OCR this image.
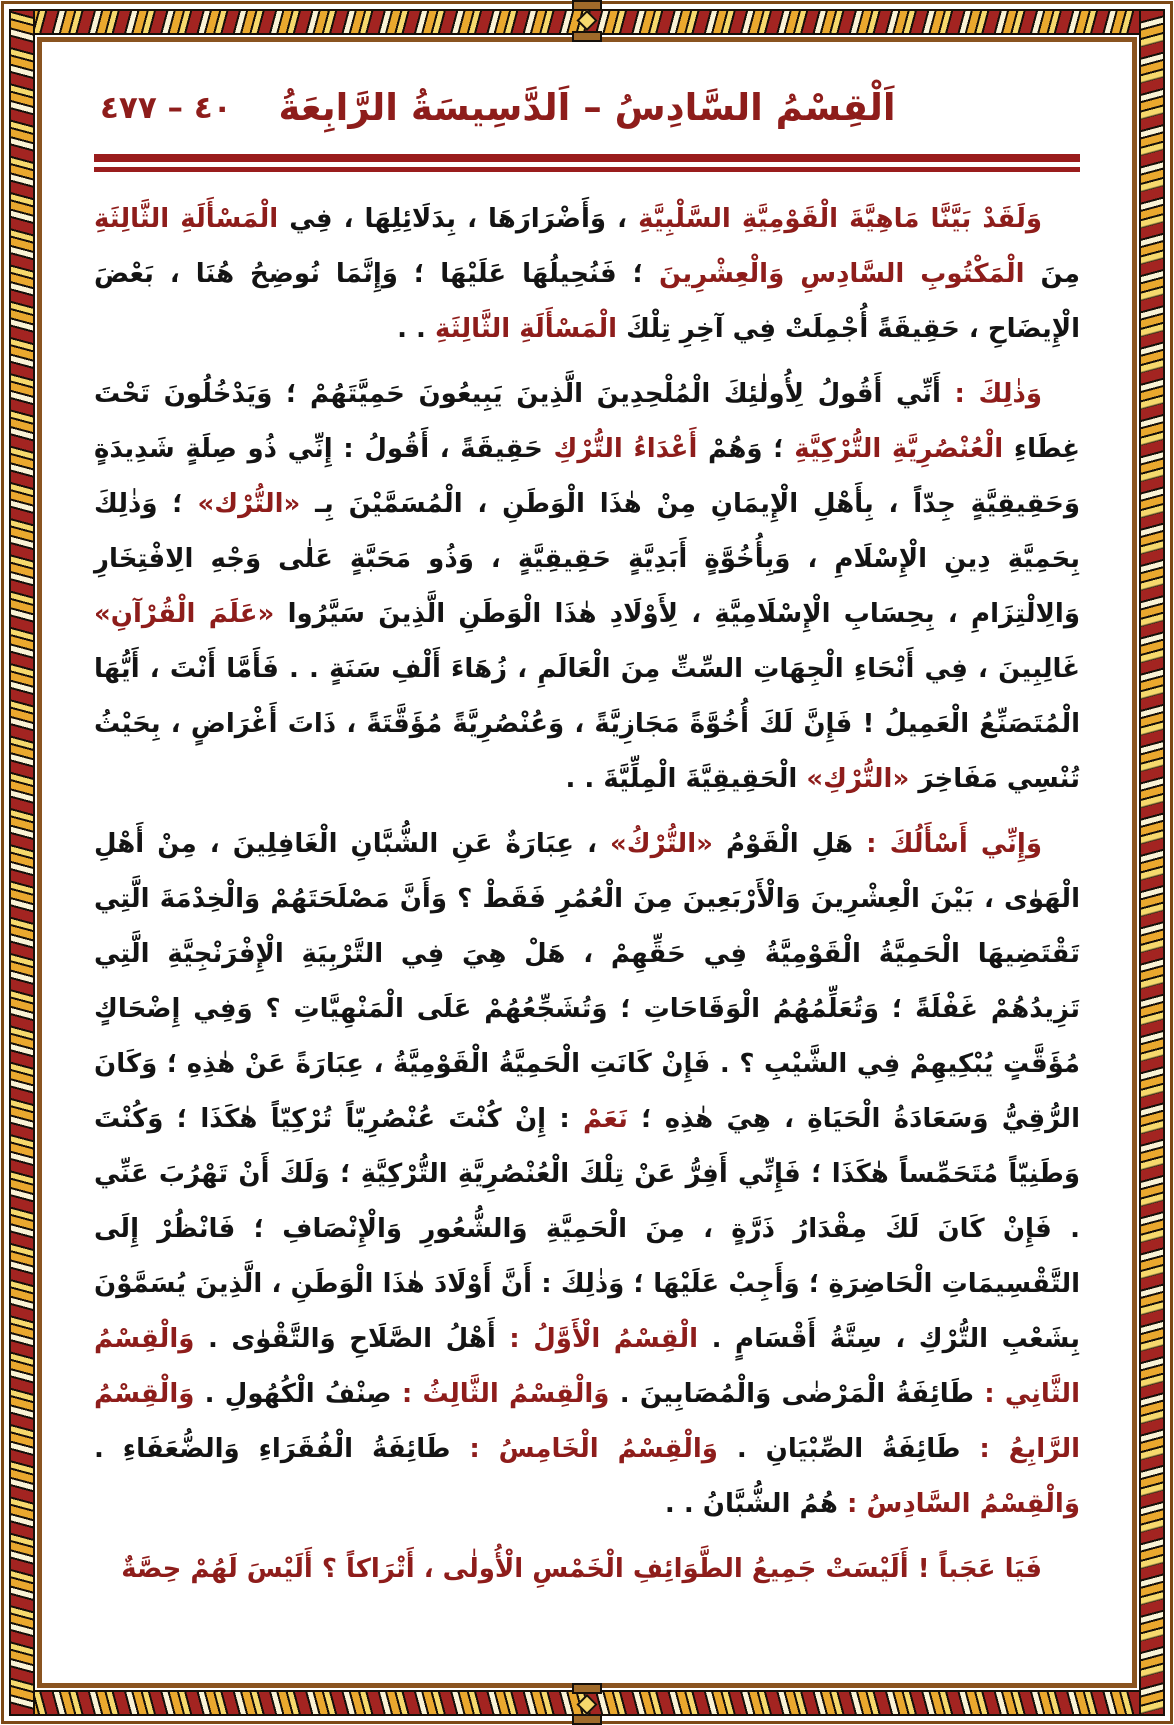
٤٠ – ٤٧٧	اَلْقِسْمُ السَّادِسُ – اَلدَّسِيسَةُ الرَّابِعَةُ

وَلَقَدْ بَيَّنَّا مَاهِيَّةَ الْقَوْمِيَّةِ السَّلْبِيَّةِ ، وَأَضْرَارَهَا ، بِدَلَائِلِهَا ، فِي الْمَسْأَلَةِ الثَّالِثَةِ مِنَ الْمَكْتُوبِ السَّادِسِ وَالْعِشْرِينَ ؛ فَنُحِيلُهَا عَلَيْهَا ؛ وَإِنَّمَا نُوضِحُ هُنَا ، بَعْضَ الْإِيضَاحِ ، حَقِيقَةً أُجْمِلَتْ فِي آخِرِ تِلْكَ الْمَسْأَلَةِ الثَّالِثَةِ . .

وَذٰلِكَ : أَنِّي أَقُولُ لِأُولٰئِكَ الْمُلْحِدِينَ الَّذِينَ يَبِيعُونَ حَمِيَّتَهُمْ ؛ وَيَدْخُلُونَ تَحْتَ غِطَاءِ الْعُنْصُرِيَّةِ التُّرْكِيَّةِ ؛ وَهُمْ أَعْدَاءُ التُّرْكِ حَقِيقَةً ، أَقُولُ : إِنِّي ذُو صِلَةٍ شَدِيدَةٍ وَحَقِيقِيَّةٍ جِدّاً ، بِأَهْلِ الْإِيمَانِ مِنْ هٰذَا الْوَطَنِ ، الْمُسَمَّيْنَ بِـ «التُّرْك» ؛ وَذٰلِكَ بِحَمِيَّةِ دِينِ الْإِسْلَامِ ، وَبِأُخُوَّةٍ أَبَدِيَّةٍ حَقِيقِيَّةٍ ، وَذُو مَحَبَّةٍ عَلٰى وَجْهِ الِافْتِخَارِ وَالِالْتِزَامِ ، بِحِسَابِ الْإِسْلَامِيَّةِ ، لِأَوْلَادِ هٰذَا الْوَطَنِ الَّذِينَ سَيَّرُوا «عَلَمَ الْقُرْآنِ» غَالِبِينَ ، فِي أَنْحَاءِ الْجِهَاتِ السِّتِّ مِنَ الْعَالَمِ ، زُهَاءَ أَلْفِ سَنَةٍ . . فَأَمَّا أَنْتَ ، أَيُّهَا الْمُتَصَنِّعُ الْعَمِيلُ ! فَإِنَّ لَكَ أُخُوَّةً مَجَازِيَّةً ، وَعُنْصُرِيَّةً مُؤَقَّتَةً ، ذَاتَ أَغْرَاضٍ ، بِحَيْثُ تُنْسِي مَفَاخِرَ «التُّرْكِ» الْحَقِيقِيَّةَ الْمِلِّيَّةَ . .

وَإِنِّي أَسْأَلُكَ : هَلِ الْقَوْمُ «التُّرْكُ» ، عِبَارَةٌ عَنِ الشُّبَّانِ الْغَافِلِينَ ، مِنْ أَهْلِ الْهَوٰى ، بَيْنَ الْعِشْرِينَ وَالْأَرْبَعِينَ مِنَ الْعُمُرِ فَقَطْ ؟ وَأَنَّ مَصْلَحَتَهُمْ وَالْخِدْمَةَ الَّتِي تَقْتَضِيهَا الْحَمِيَّةُ الْقَوْمِيَّةُ فِي حَقِّهِمْ ، هَلْ هِيَ فِي التَّرْبِيَةِ الْإِفْرَنْجِيَّةِ الَّتِي تَزِيدُهُمْ غَفْلَةً ؛ وَتُعَلِّمُهُمُ الْوَقَاحَاتِ ؛ وَتُشَجِّعُهُمْ عَلَى الْمَنْهِيَّاتِ ؟ وَفِي إِضْحَاكٍ مُؤَقَّتٍ يُبْكِيهِمْ فِي الشَّيْبِ ؟ . فَإِنْ كَانَتِ الْحَمِيَّةُ الْقَوْمِيَّةُ ، عِبَارَةً عَنْ هٰذِهِ ؛ وَكَانَ الرُّقِيُّ وَسَعَادَةُ الْحَيَاةِ ، هِيَ هٰذِهِ ؛ نَعَمْ : إِنْ كُنْتَ عُنْصُرِيّاً تُرْكِيّاً هٰكَذَا ؛ وَكُنْتَ وَطَنِيّاً مُتَحَمِّساً هٰكَذَا ؛ فَإِنِّي أَفِرُّ عَنْ تِلْكَ الْعُنْصُرِيَّةِ التُّرْكِيَّةِ ؛ وَلَكَ أَنْ تَهْرُبَ عَنِّي . فَإِنْ كَانَ لَكَ مِقْدَارُ ذَرَّةٍ ، مِنَ الْحَمِيَّةِ وَالشُّعُورِ وَالْإِنْصَافِ ؛ فَانْظُرْ إِلَى التَّقْسِيمَاتِ الْحَاضِرَةِ ؛ وَأَجِبْ عَلَيْهَا ؛ وَذٰلِكَ : أَنَّ أَوْلَادَ هٰذَا الْوَطَنِ ، الَّذِينَ يُسَمَّوْنَ بِشَعْبِ التُّرْكِ ، سِتَّةُ أَقْسَامٍ . الْقِسْمُ الْأَوَّلُ : أَهْلُ الصَّلَاحِ وَالتَّقْوٰى . وَالْقِسْمُ الثَّانِي : طَائِفَةُ الْمَرْضٰى وَالْمُصَابِينَ . وَالْقِسْمُ الثَّالِثُ : صِنْفُ الْكُهُولِ . وَالْقِسْمُ الرَّابِعُ : طَائِفَةُ الصِّبْيَانِ . وَالْقِسْمُ الْخَامِسُ : طَائِفَةُ الْفُقَرَاءِ وَالضُّعَفَاءِ . وَالْقِسْمُ السَّادِسُ : هُمُ الشُّبَّانُ . .

فَيَا عَجَباً ! أَلَيْسَتْ جَمِيعُ الطَّوَائِفِ الْخَمْسِ الْأُولٰى ، أَتْرَاكاً ؟ أَلَيْسَ لَهُمْ حِصَّةٌ
